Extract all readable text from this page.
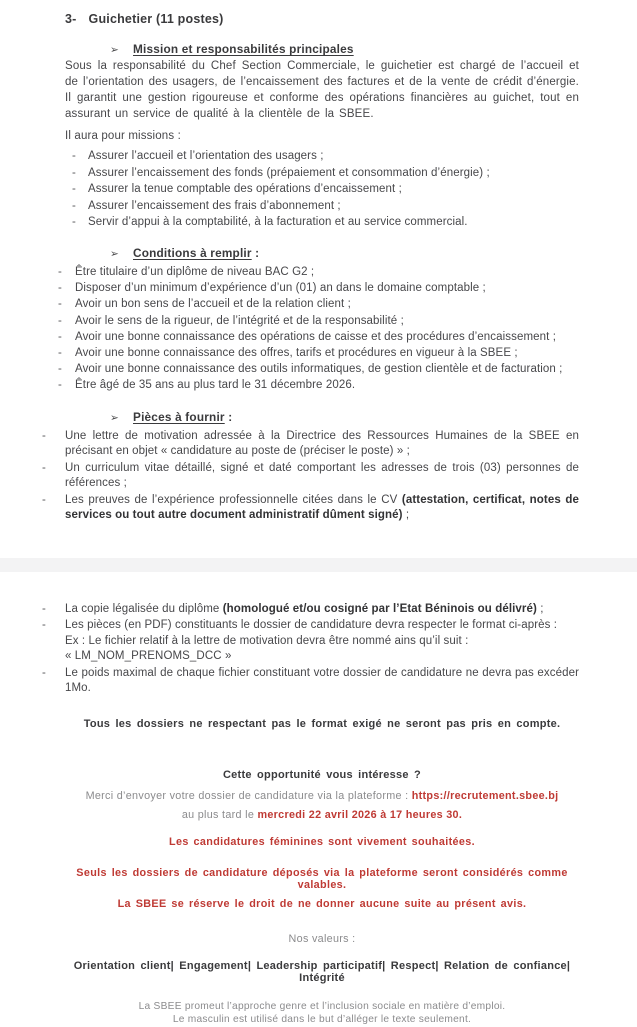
3- Guichetier (11 postes)
➢ Mission et responsabilités principales
Sous la responsabilité du Chef Section Commerciale, le guichetier est chargé de l’accueil et de l’orientation des usagers, de l’encaissement des factures et de la vente de crédit d’énergie. Il garantit une gestion rigoureuse et conforme des opérations financières au guichet, tout en assurant un service de qualité à la clientèle de la SBEE.
Il aura pour missions :
-	Assurer l’accueil et l’orientation des usagers ;
-	Assurer l’encaissement des fonds (prépaiement et consommation d’énergie) ;
-	Assurer la tenue comptable des opérations d’encaissement ;
-	Assurer l’encaissement des frais d’abonnement ;
-	Servir d’appui à la comptabilité, à la facturation et au service commercial.
➢ Conditions à remplir :
-	Être titulaire d’un diplôme de niveau BAC G2 ;
-	Disposer d’un minimum d’expérience d’un (01) an dans le domaine comptable ;
-	Avoir un bon sens de l’accueil et de la relation client ;
-	Avoir le sens de la rigueur, de l’intégrité et de la responsabilité ;
-	Avoir une bonne connaissance des opérations de caisse et des procédures d’encaissement ;
-	Avoir une bonne connaissance des offres, tarifs et procédures en vigueur à la SBEE ;
-	Avoir une bonne connaissance des outils informatiques, de gestion clientèle et de facturation ;
-	Être âgé de 35 ans au plus tard le 31 décembre 2026.
➢ Pièces à fournir :
-	Une lettre de motivation adressée à la Directrice des Ressources Humaines de la SBEE en précisant en objet « candidature au poste de (préciser le poste) » ;
-	Un curriculum vitae détaillé, signé et daté comportant les adresses de trois (03) personnes de références ;
-	Les preuves de l’expérience professionnelle citées dans le CV (attestation, certificat, notes de services ou tout autre document administratif dûment signé) ;
-	La copie légalisée du diplôme (homologué et/ou cosigné par l’Etat Béninois ou délivré) ;
-	Les pièces (en PDF) constituants le dossier de candidature devra respecter le format ci-après :
Ex : Le fichier relatif à la lettre de motivation devra être nommé ains qu’il suit :
« LM_NOM_PRENOMS_DCC »
-	Le poids maximal de chaque fichier constituant votre dossier de candidature ne devra pas excéder 1Mo.
Tous les dossiers ne respectant pas le format exigé ne seront pas pris en compte.
Cette opportunité vous intéresse ?
Merci d’envoyer votre dossier de candidature via la plateforme : https://recrutement.sbee.bj
au plus tard le mercredi 22 avril 2026 à 17 heures 30.
Les candidatures féminines sont vivement souhaitées.
Seuls les dossiers de candidature déposés via la plateforme seront considérés comme valables.
La SBEE se réserve le droit de ne donner aucune suite au présent avis.
Nos valeurs :
Orientation client| Engagement| Leadership participatif| Respect| Relation de confiance| Intégrité
La SBEE promeut l’approche genre et l’inclusion sociale en matière d’emploi.
Le masculin est utilisé dans le but d’alléger le texte seulement.
